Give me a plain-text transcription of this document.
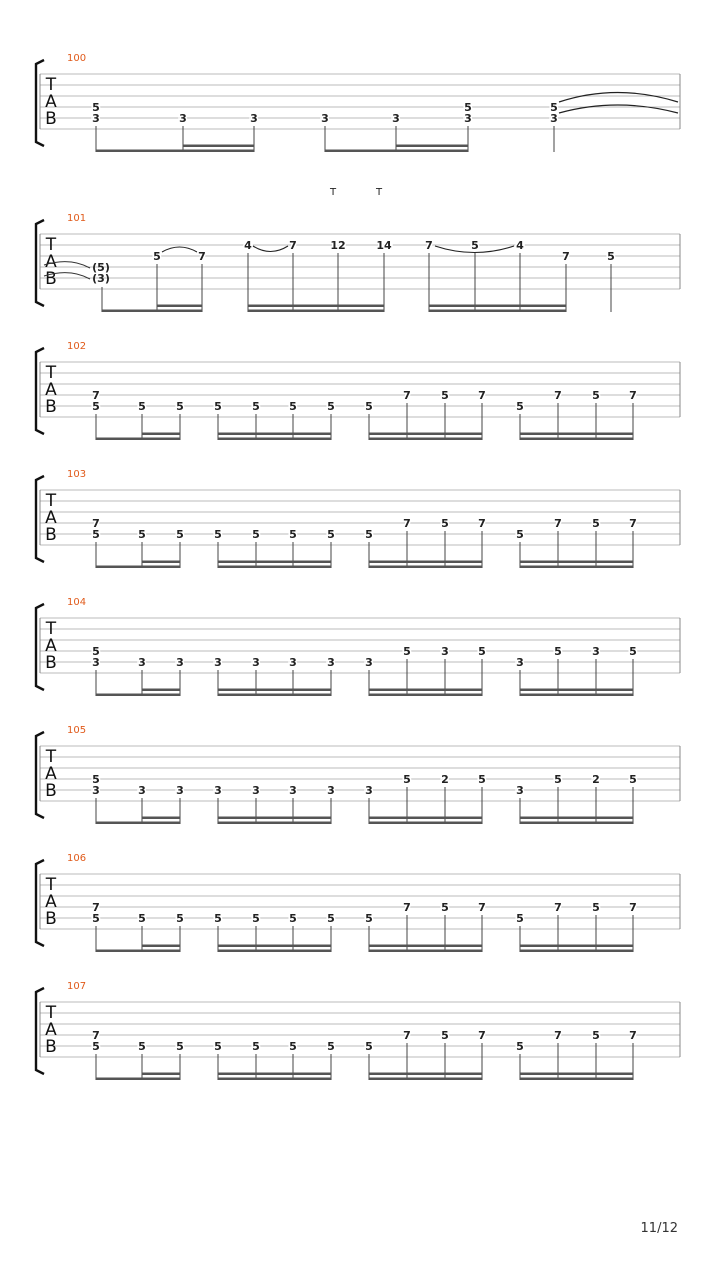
100
T
A
B
5
3	3	3	3	3
5
3
5
3
101
T
A
B
T	T
(5)
(3)
5	7
4	7	12	14	7	5	4
7	5
102
T
A
B
7
5	5	5	5	5	5	5	5
7	5	7
5
7	5	7
103
T
A
B
7
5	5	5	5	5	5	5	5
7	5	7
5
7	5	7
104
T
A
B
5
3	3	3	3	3	3	3	3
5	3	5
3
5	3	5
105
T
A
B
5
3	3	3	3	3	3	3	3
5	2	5
3
5	2	5
106
T
A
B
7
5	5	5	5	5	5	5	5
7	5	7
5
7	5	7
107
T
A
B
7
5	5	5	5	5	5	5	5
7	5	7
5
7	5	7
11/12
